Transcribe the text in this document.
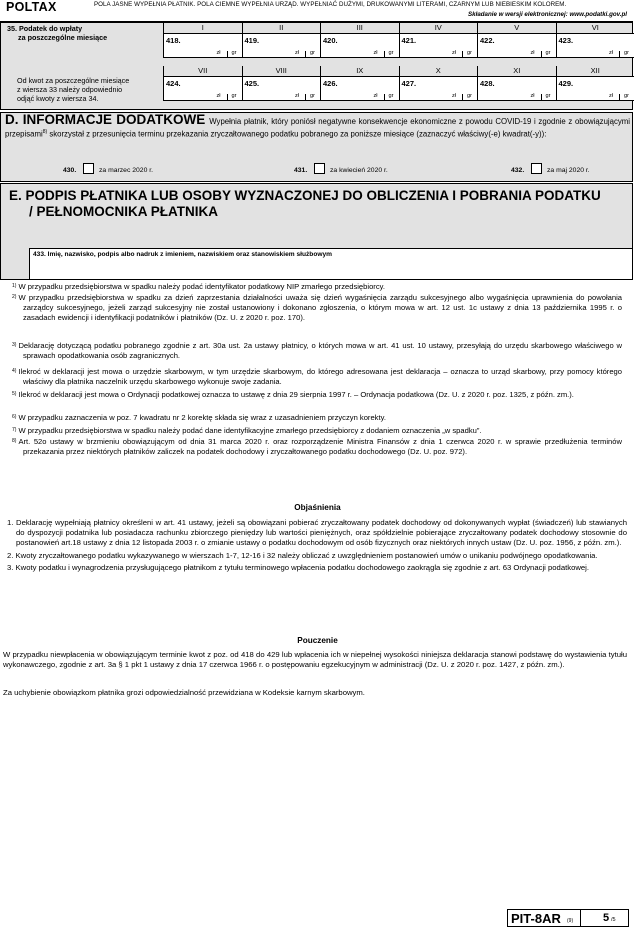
POLTAX	POLA JASNE WYPEŁNIA PŁATNIK. POLA CIEMNE WYPEŁNIA URZĄD. WYPEŁNIAĆ DUŻYMI, DRUKOWANYMI LITERAMI, CZARNYM LUB NIEBIESKIM KOLOREM.
Składanie w wersji elektronicznej: www.podatki.gov.pl
35. Podatek do wpłaty
za poszczególne miesiące
Od kwot za poszczególne miesiące
z wiersza 33 należy odpowiednio
odjąć kwoty z wiersza 34.
I
418.
zł gr
II
419.
zł gr
III
420.
zł gr
IV
421.
zł gr
V
422.
zł gr
VI
423.
zł gr
VII
424.
zł gr
VIII
425.
zł gr
IX
426.
zł gr
X
427.
zł gr
XI
428.
zł gr
XII
429.
zł gr
D. INFORMACJE DODATKOWE Wypełnia płatnik, który poniósł negatywne konsekwencje ekonomiczne z powodu COVID-19 i zgodnie z obowiązującymi przepisami$^{8)}$ skorzystał z przesunięcia terminu przekazania zryczałtowanego podatku pobranego za poniższe miesiące (zaznaczyć właściwy(-e) kwadrat(-y)):
430.	za marzec 2020 r.	431.	za kwiecień 2020 r.	432.	za maj 2020 r.
E. PODPIS PŁATNIKA LUB OSOBY WYZNACZONEJ DO OBLICZENIA I POBRANIA PODATKU
/ PEŁNOMOCNIKA PŁATNIKA
433. Imię, nazwisko, podpis albo nadruk z imieniem, nazwiskiem oraz stanowiskiem służbowym
$^{1)}$ W przypadku przedsiębiorstwa w spadku należy podać identyfikator podatkowy NIP zmarłego przedsiębiorcy.
$^{2)}$ W przypadku przedsiębiorstwa w spadku za dzień zaprzestania działalności uważa się dzień wygaśnięcia zarządu sukcesyjnego albo wygaśnięcia uprawnienia do powołania zarządcy sukcesyjnego, jeżeli zarząd sukcesyjny nie został ustanowiony i dokonano zgłoszenia, o którym mowa w art. 12 ust. 1c ustawy z dnia 13 października 1995 r. o zasadach ewidencji i identyfikacji podatników i płatników (Dz. U. z 2020 r. poz. 170).
$^{3)}$ Deklarację dotyczącą podatku pobranego zgodnie z art. 30a ust. 2a ustawy płatnicy, o których mowa w art. 41 ust. 10 ustawy, przesyłają do urzędu skarbowego właściwego w sprawach opodatkowania osób zagranicznych.
$^{4)}$ Ilekroć w deklaracji jest mowa o urzędzie skarbowym, w tym urzędzie skarbowym, do którego adresowana jest deklaracja – oznacza to urząd skarbowy, przy pomocy którego właściwy dla płatnika naczelnik urzędu skarbowego wykonuje swoje zadania.
$^{5)}$ Ilekroć w deklaracji jest mowa o Ordynacji podatkowej oznacza to ustawę z dnia 29 sierpnia 1997 r. – Ordynacja podatkowa (Dz. U. z 2020 r. poz. 1325, z późn. zm.).
$^{6)}$ W przypadku zaznaczenia w poz. 7 kwadratu nr 2 korektę składa się wraz z uzasadnieniem przyczyn korekty.
$^{7)}$ W przypadku przedsiębiorstwa w spadku należy podać dane identyfikacyjne zmarłego przedsiębiorcy z dodaniem oznaczenia „w spadku”.
$^{8)}$ Art. 52o ustawy w brzmieniu obowiązującym od dnia 31 marca 2020 r. oraz rozporządzenie Ministra Finansów z dnia 1 czerwca 2020 r. w sprawie przedłużenia terminów przekazania przez niektórych płatników zaliczek na podatek dochodowy i zryczałtowanego podatku dochodowego (Dz. U. poz. 972).
Objaśnienia
1. Deklarację wypełniają płatnicy określeni w art. 41 ustawy, jeżeli są obowiązani pobierać zryczałtowany podatek dochodowy od dokonywanych wypłat (świadczeń) lub stawianych do dyspozycji podatnika lub posiadacza rachunku zbiorczego pieniędzy lub wartości pieniężnych, oraz spółdzielnie pobierające zryczałtowany podatek dochodowy stosownie do postanowień art.18 ustawy z dnia 12 listopada 2003 r. o zmianie ustawy o podatku dochodowym od osób fizycznych oraz niektórych innych ustaw (Dz. U. poz. 1956, z późn. zm.).
2. Kwoty zryczałtowanego podatku wykazywanego w wierszach 1-7, 12-16 i 32 należy obliczać z uwzględnieniem postanowień umów o unikaniu podwójnego opodatkowania.
3. Kwoty podatku i wynagrodzenia przysługującego płatnikom z tytułu terminowego wpłacenia podatku dochodowego zaokrągla się zgodnie z art. 63 Ordynacji podatkowej.
Pouczenie
W przypadku niewpłacenia w obowiązującym terminie kwot z poz. od 418 do 429 lub wpłacenia ich w niepełnej wysokości niniejsza deklaracja stanowi podstawę do wystawienia tytułu wykonawczego, zgodnie z art. 3a § 1 pkt 1 ustawy z dnia 17 czerwca 1966 r. o postępowaniu egzekucyjnym w administracji (Dz. U. z 2020 r. poz. 1427, z późn. zm.).
Za uchybienie obowiązkom płatnika grozi odpowiedzialność przewidziana w Kodeksie karnym skarbowym.
PIT-8AR (9)	5 /5
